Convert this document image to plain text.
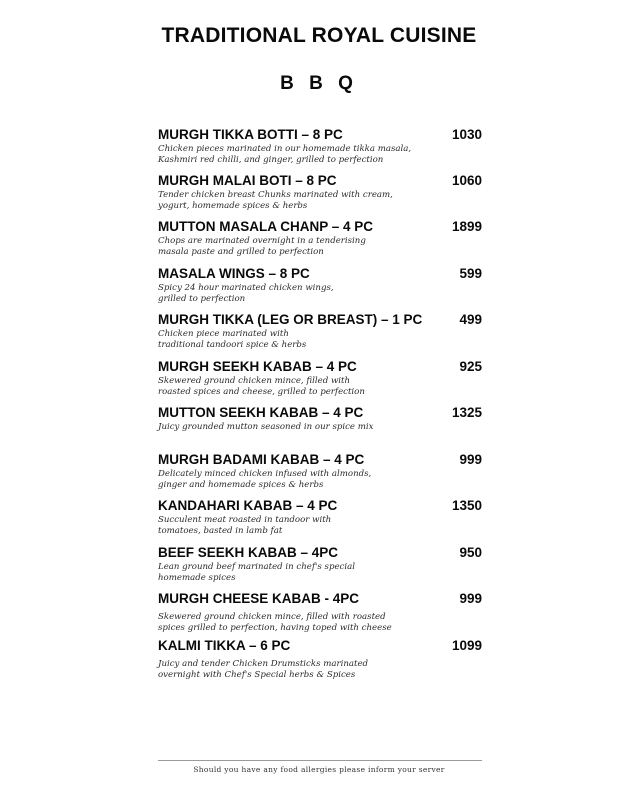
TRADITIONAL ROYAL CUISINE
B B Q
MURGH TIKKA BOTTI – 8 PC	1030
Chicken pieces marinated in our homemade tikka masala,
Kashmiri red chilli, and ginger, grilled to perfection
MURGH MALAI BOTI – 8 PC	1060
Tender chicken breast Chunks marinated with cream,
yogurt, homemade spices & herbs
MUTTON MASALA CHANP – 4 PC	1899
Chops are marinated overnight in a tenderising
masala paste and grilled to perfection
MASALA WINGS – 8 PC	599
Spicy 24 hour marinated chicken wings,
grilled to perfection
MURGH TIKKA (LEG OR BREAST) – 1 PC	499
Chicken piece marinated with
traditional tandoori spice & herbs
MURGH SEEKH KABAB – 4 PC	925
Skewered ground chicken mince, filled with
roasted spices and cheese, grilled to perfection
MUTTON SEEKH KABAB – 4 PC	1325
Juicy grounded mutton seasoned in our spice mix
MURGH BADAMI KABAB – 4 PC	999
Delicately minced chicken infused with almonds,
ginger and homemade spices & herbs
KANDAHARI KABAB – 4 PC	1350
Succulent meat roasted in tandoor with
tomatoes, basted in lamb fat
BEEF SEEKH KABAB – 4PC	950
Lean ground beef marinated in chef's special
homemade spices
MURGH CHEESE KABAB - 4PC	999
Skewered ground chicken mince, filled with roasted
spices grilled to perfection, having toped with cheese
KALMI TIKKA – 6 PC	1099
Juicy and tender Chicken Drumsticks marinated
overnight with Chef's Special herbs & Spices
Should you have any food allergies please inform your server
